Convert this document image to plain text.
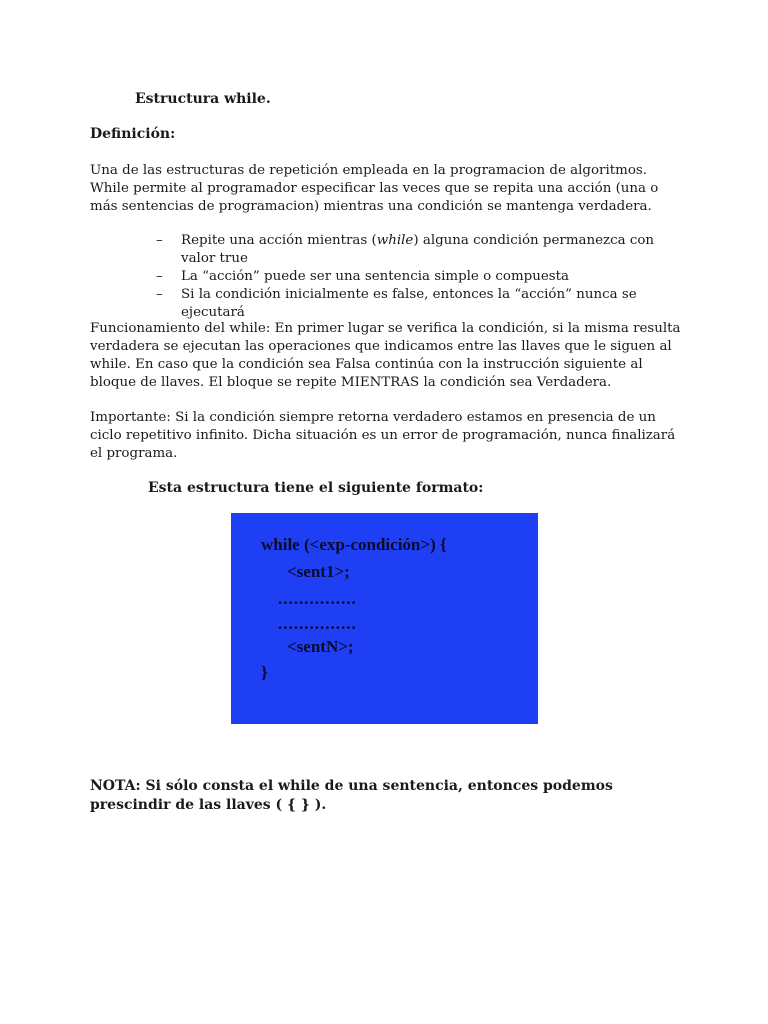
Estructura while.
Definición:
Una de las estructuras de repetición empleada en la programacion de algoritmos. While permite al programador especificar las veces que se repita una acción (una o más sentencias de programacion) mientras una condición se mantenga verdadera.
– Repite una acción mientras (while) alguna condición permanezca con valor true
– La “acción” puede ser una sentencia simple o compuesta
– Si la condición inicialmente es false, entonces la “acción” nunca se ejecutará
Funcionamiento del while: En primer lugar se verifica la condición, si la misma resulta verdadera se ejecutan las operaciones que indicamos entre las llaves que le siguen al while. En caso que la condición sea Falsa continúa con la instrucción siguiente al bloque de llaves. El bloque se repite MIENTRAS la condición sea Verdadera.
Importante: Si la condición siempre retorna verdadero estamos en presencia de un ciclo repetitivo infinito. Dicha situación es un error de programación, nunca finalizará el programa.
Esta estructura tiene el siguiente formato:
while (<exp-condición>) {
<sent1>;
...............
...............
<sentN>;
}
NOTA: Si sólo consta el while de una sentencia, entonces podemos prescindir de las llaves ( { } ).
